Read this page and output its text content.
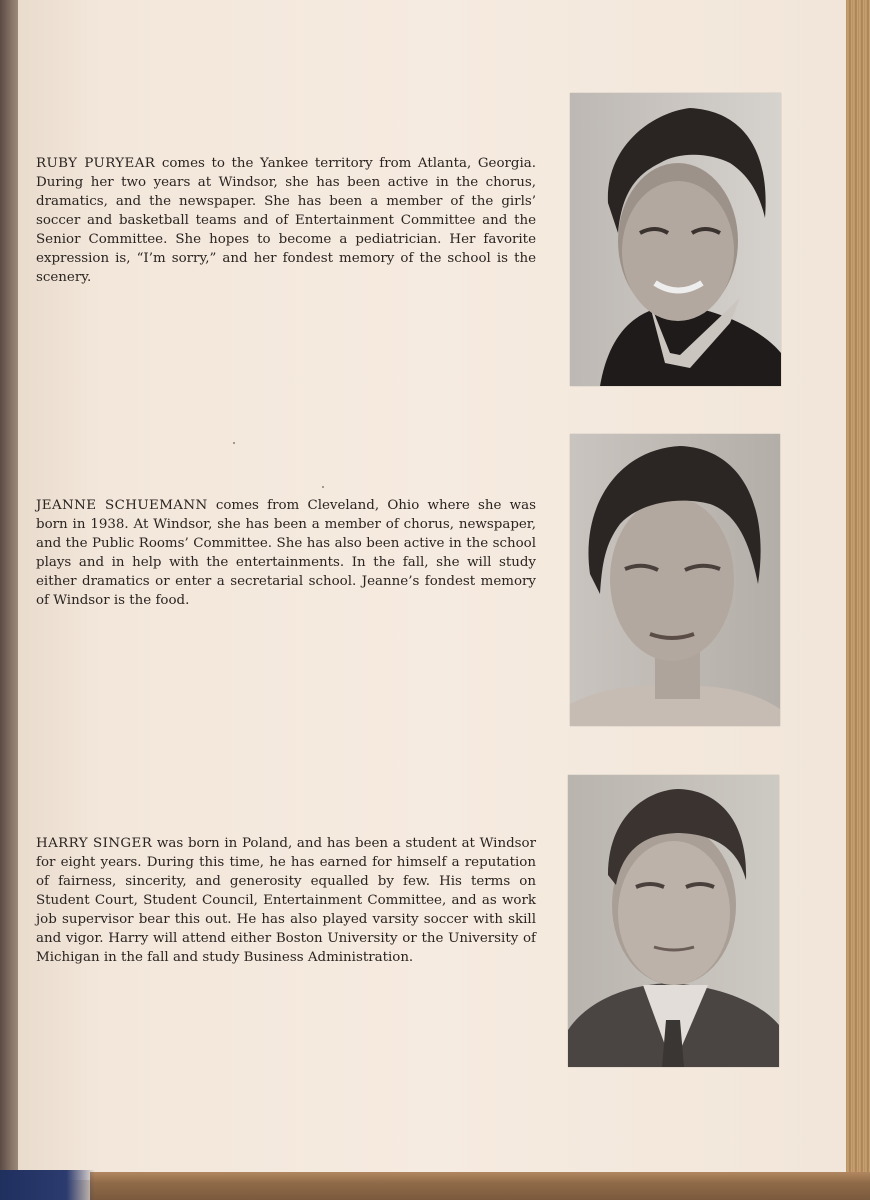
RUBY PURYEAR comes to the Yankee territory from Atlanta, Georgia. During her two years at Windsor, she has been active in the chorus, dramatics, and the newspaper. She has been a member of the girls’ soccer and basketball teams and of Entertainment Committee and the Senior Committee. She hopes to become a pediatrician. Her favorite expression is, “I’m sorry,” and her fondest memory of the school is the scenery.

JEANNE SCHUEMANN comes from Cleveland, Ohio where she was born in 1938. At Windsor, she has been a member of chorus, newspaper, and the Public Rooms’ Committee. She has also been active in the school plays and in help with the entertainments. In the fall, she will study either dramatics or enter a secretarial school. Jeanne’s fondest memory of Windsor is the food.

HARRY SINGER was born in Poland, and has been a student at Windsor for eight years. During this time, he has earned for himself a reputation of fairness, sincerity, and generosity equalled by few. His terms on Student Court, Student Council, Entertainment Committee, and as work job supervisor bear this out. He has also played varsity soccer with skill and vigor. Harry will attend either Boston University or the University of Michigan in the fall and study Business Administration.
